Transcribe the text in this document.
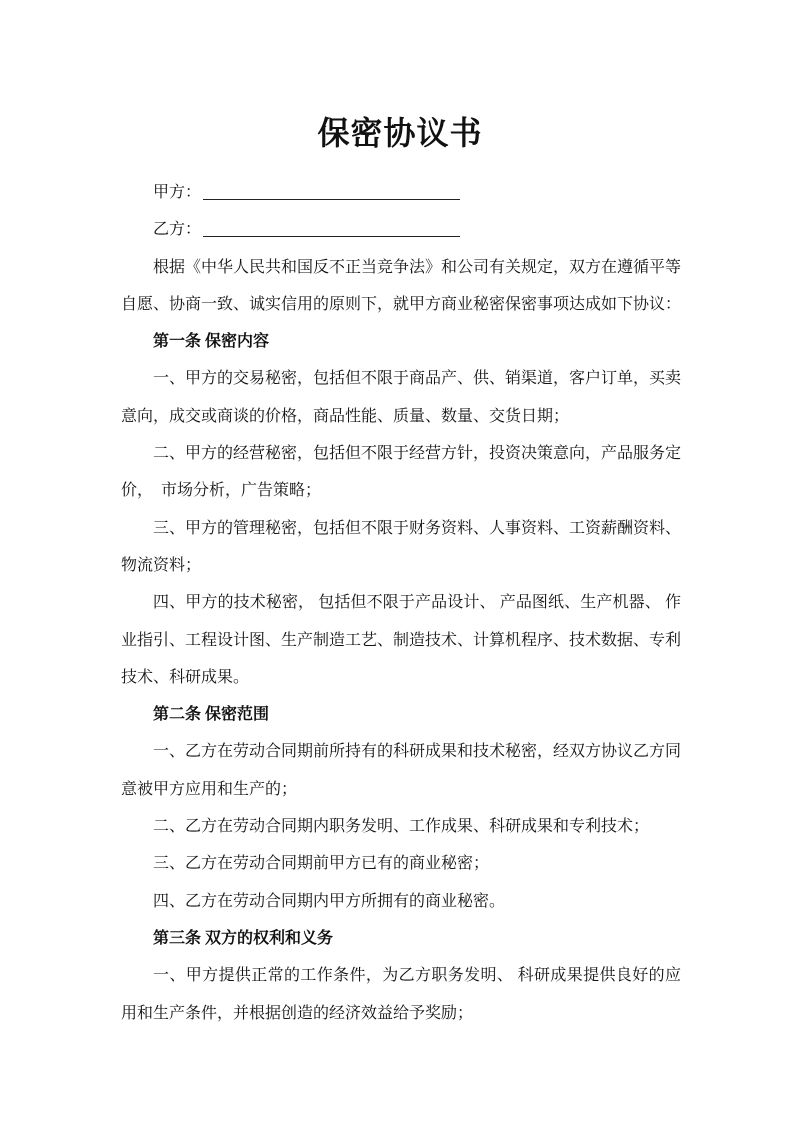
保密协议书
甲方：
乙方：

根据《中华人民共和国反不正当竞争法》和公司有关规定，双方在遵循平等自愿、协商一致、诚实信用的原则下，就甲方商业秘密保密事项达成如下协议：

第一条 保密内容

一、甲方的交易秘密，包括但不限于商品产、供、销渠道，客户订单，买卖意向，成交或商谈的价格，商品性能、质量、数量、交货日期；

二、甲方的经营秘密，包括但不限于经营方针，投资决策意向，产品服务定价，　市场分析，广告策略；

三、甲方的管理秘密，包括但不限于财务资料、人事资料、工资薪酬资料、物流资料；

四、甲方的技术秘密， 包括但不限于产品设计、 产品图纸、生产机器、 作业指引、工程设计图、生产制造工艺、制造技术、计算机程序、技术数据、专利技术、科研成果。

第二条 保密范围

一、乙方在劳动合同期前所持有的科研成果和技术秘密，经双方协议乙方同意被甲方应用和生产的；

二、乙方在劳动合同期内职务发明、工作成果、科研成果和专利技术；

三、乙方在劳动合同期前甲方已有的商业秘密；

四、乙方在劳动合同期内甲方所拥有的商业秘密。

第三条 双方的权利和义务

一、甲方提供正常的工作条件，为乙方职务发明、 科研成果提供良好的应用和生产条件，并根据创造的经济效益给予奖励；
